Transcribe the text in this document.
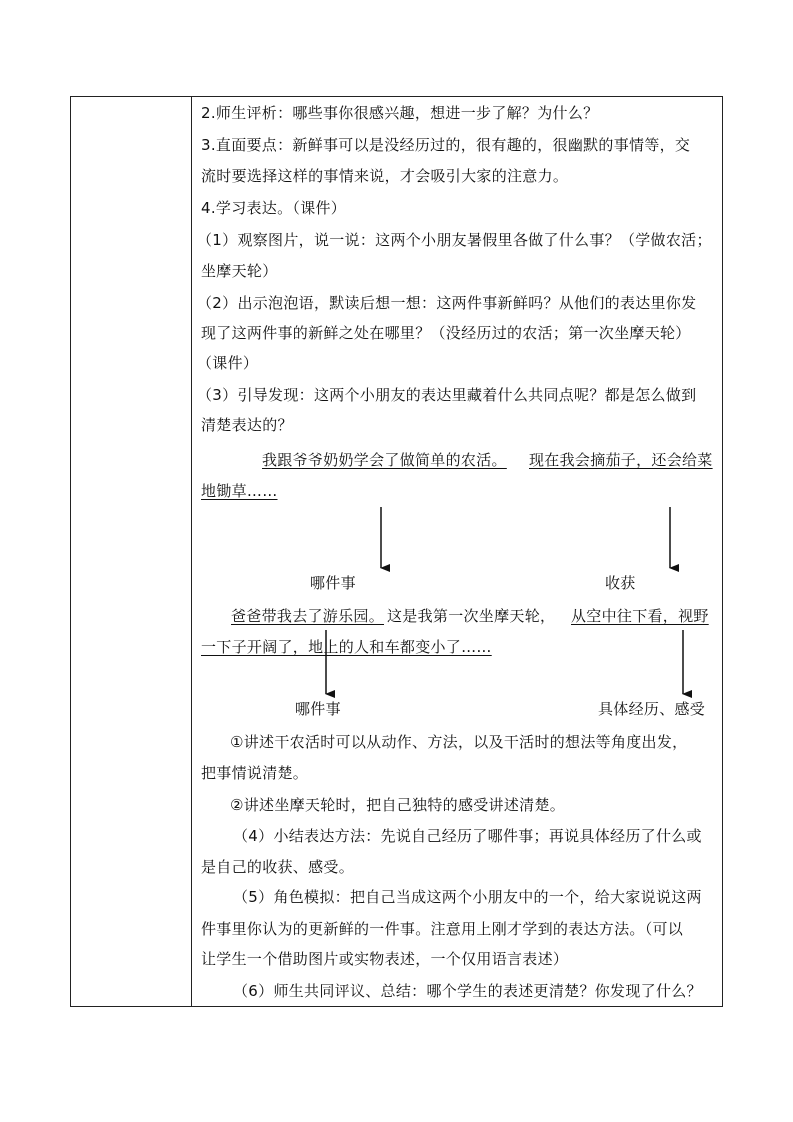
2.师生评析：哪些事你很感兴趣，想进一步了解？为什么？
3.直面要点：新鲜事可以是没经历过的，很有趣的，很幽默的事情等，交
流时要选择这样的事情来说，才会吸引大家的注意力。
4.学习表达。（课件）
（1）观察图片，说一说：这两个小朋友暑假里各做了什么事？（学做农活；
坐摩天轮）
（2）出示泡泡语，默读后想一想：这两件事新鲜吗？从他们的表达里你发
现了这两件事的新鲜之处在哪里？（没经历过的农活；第一次坐摩天轮）
（课件）
（3）引导发现：这两个小朋友的表达里藏着什么共同点呢？都是怎么做到
清楚表达的？
我跟爷爷奶奶学会了做简单的农活。 现在我会摘茄子，还会给菜
地锄草……
哪件事	收获
爸爸带我去了游乐园。 这是我第一次坐摩天轮， 从空中往下看，视野
一下子开阔了，地上的人和车都变小了……
哪件事	具体经历、感受
①讲述干农活时可以从动作、方法，以及干活时的想法等角度出发，
把事情说清楚。
②讲述坐摩天轮时，把自己独特的感受讲述清楚。
（4）小结表达方法：先说自己经历了哪件事；再说具体经历了什么或
是自己的收获、感受。
（5）角色模拟：把自己当成这两个小朋友中的一个，给大家说说这两
件事里你认为的更新鲜的一件事。注意用上刚才学到的表达方法。（可以
让学生一个借助图片或实物表述，一个仅用语言表述）
（6）师生共同评议、总结：哪个学生的表述更清楚？你发现了什么？
